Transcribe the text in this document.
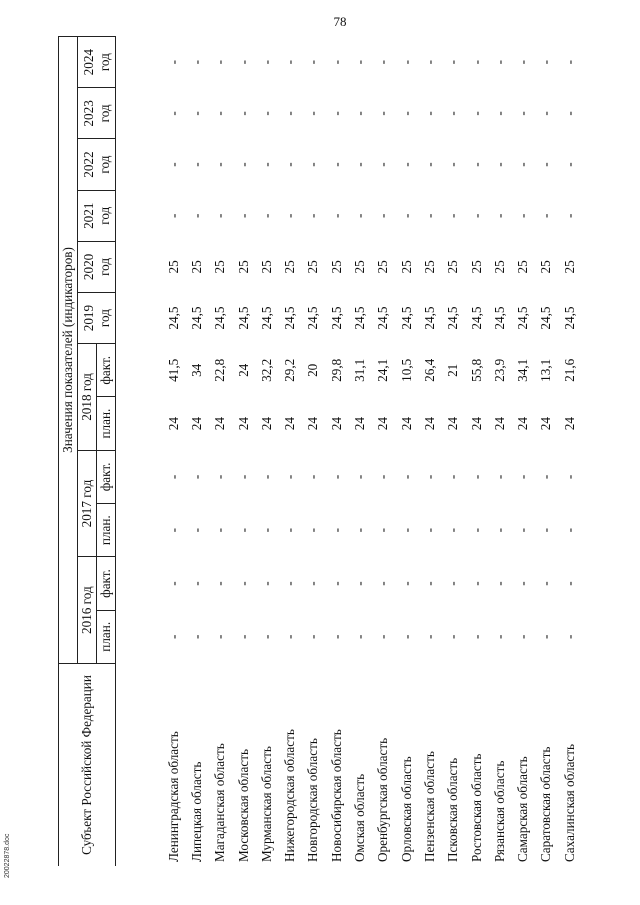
78
Субъект Российской Федерации	Значения показателей (индикаторов)											
	2016 год		2017 год		2018 год		2019 год	2020 год	2021 год	2022 год	2023 год	2024 год
	план.	факт.	план.	факт.	план.	факт.						

Ленинградская область	-	-	-	-	24	41,5	24,5	25	-	-	-	-
Липецкая область	-	-	-	-	24	34	24,5	25	-	-	-	-
Магаданская область	-	-	-	-	24	22,8	24,5	25	-	-	-	-
Московская область	-	-	-	-	24	24	24,5	25	-	-	-	-
Мурманская область	-	-	-	-	24	32,2	24,5	25	-	-	-	-
Нижегородская область	-	-	-	-	24	29,2	24,5	25	-	-	-	-
Новгородская область	-	-	-	-	24	20	24,5	25	-	-	-	-
Новосибирская область	-	-	-	-	24	29,8	24,5	25	-	-	-	-
Омская область	-	-	-	-	24	31,1	24,5	25	-	-	-	-
Оренбургская область	-	-	-	-	24	24,1	24,5	25	-	-	-	-
Орловская область	-	-	-	-	24	10,5	24,5	25	-	-	-	-
Пензенская область	-	-	-	-	24	26,4	24,5	25	-	-	-	-
Псковская область	-	-	-	-	24	21	24,5	25	-	-	-	-
Ростовская область	-	-	-	-	24	55,8	24,5	25	-	-	-	-
Рязанская область	-	-	-	-	24	23,9	24,5	25	-	-	-	-
Самарская область	-	-	-	-	24	34,1	24,5	25	-	-	-	-
Саратовская область	-	-	-	-	24	13,1	24,5	25	-	-	-	-
Сахалинская область	-	-	-	-	24	21,6	24,5	25	-	-	-	-
20022878.doc
